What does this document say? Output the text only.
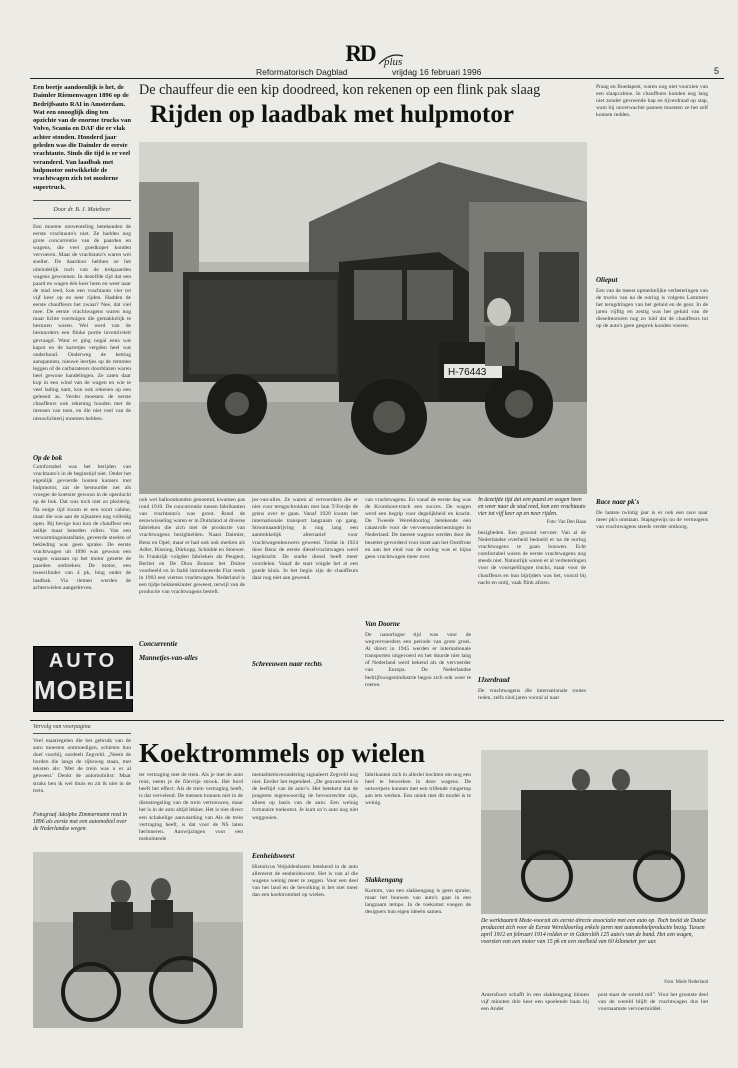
RD plus
Reformatorisch Dagblad	vrijdag 16 februari 1996	5
Een beetje aandoenlijk is het, de Daimler Riemenwagen 1896 op de Bedrijfsauto RAI in Amsterdam. Wat een onooglijk ding ten opzichte van de enorme trucks van Volvo, Scania en DAF die er vlak achter stonden. Honderd jaar geleden was die Daimler de eerste vrachtauto. Sinds die tijd is er veel veranderd. Van laadbak met hulpmotor ontwikkelde de vrachtwagen zich tot moderne supertruck.
Door dr. B. J. Matebeer
Een moeme omwenteling betekenden de eerste vrachtauto's niet. Ze hadden nog grote concurrentie van de paarden en wagens, die veel goedkoper konden vervoeren. Maar de vrachtauto's waren wel sneller. De daardoor hebben ze het uiteindelijk toch van de trekpaarden wagens gewonnen. In dezelfde tijd dat een paard en wagen één keer heen en weer naar de stad reed, kon een vrachtauto vier tot vijf keer op en neer rijden. Hadden de eerste chauffeurs het zwaar? Nee, dat viel mee. De eerste vrachtwagens waren nog maar lichte voertuigen die gemakkelijk te besturen waren. Wel werd van de bestuurders een flinke portie inventiviteit gevraagd. Want er ging nogal eens wat kapot en de karretjes vergden heel wat onderhoud. Onderweg de ketting aanspannen, nieuwe leertjes op de remmen leggen of de carburateurs doorblazen waren heel gewone handelingen. Ze zaten daar kop in een wind van de wagen en wie te veel lading nam, kon ook rekenen op een geleend as. Verder moesten de eerste chauffeurs ook rekening houden met de mensen van toen, en die niet veel van de nieuwlichterij moesten hebben.
Op de bok
Comfortabel was het berijden van vrachtauto's in de beginstijd niet. Onder het eigenlijk gevoerde houten kamers met hulpmotor, zat de bestuurder net als vroeger de koetsier gewoon in de openlucht op de bok. Dat was toch niet zo plezierig. Na enige tijd kwam er een soort cabine, maar die was aan de zijkanten nog volledig open. Bij hevige kou kon de chauffeur een zeiltje maar beneden rollen. Van een verwarmingsinstallatie, geveerde stoelen of bekleding was geen sprake. De eerste vrachtwagen uit 1896 was gewoon een wagen waaraan op het motor gezette de paarden ontbreken. De motor, een tweecilinder van 4 pk, hing onder de laadbak. Via riemen werden de achterwielen aangedreven.
AUTO
MOBIEL
De chauffeur die een kip doodreed, kon rekenen op een flink pak slaag
Rijden op laadbak met hulpmotor
H-76443
ook wel balloonbanden genoemd, kwamen pas rond 1910. De concurrentie tussen fabrikanten van vrachtauto's was groot. Rond de eeuwwisseling waren er in Duitsland al diverse fabrieken die zich met de productie van vrachtwagens bezighielden. Naast Daimler, Benz en Opel, maar er had ook ook merken als Adler, Büssing, Dürkopp, Schödde en Stoewer. In Frankrijk volgden fabrieken als Peugeot, Berliet en De Dion Bouton het Duitse voorbeeld en in Italië introduceerde Fiat reeds in 1903 een vierton vrachtwagen. Nederland is een tijdje bekkenkluiter geweest, terwijl van de productie van vrachtwagens betreft.
Concurrentie
Mannetjes-van-alles
jes-van-alles. Ze waren al vervoerders die er niet voor terugschrokken met hun T-Fordje de grens over te gaan. Vanaf 1920 kwam het internationale transport langzaam op gang. Stroomaandrijving is nog lang een aantrekkelijk alternatief voor vrachtwagenbouwers geweest. Totdat in 1924 door Benz de eerste dieselvrachtwagen werd ingebracht. De snelle diesel heeft meer voordelen. Vanaf de start volgde het al een goede kluis. In het begin zijn de chauffeurs daar nog niet aan gewend.
Schreeuwen naar rechts
van vrachtwagens. En vanaf de eerste dag was de Kromhout-truck een succes. De wagen werd een begrip voor degelijkheid en kracht. De Tweede Wereldoorlog betekende een catastrofe voor de vervoersondernemingen in Nederland. De meeste wagens werden door de bezetter gevorderd voor inzet aan het Oostfront en aan het eind van de oorlog was er bijna geen vrachtwagen meer over.
Van Doorne
De naoorlogse tijd was voor de wegvervoerders een periode van grote groei. Al direct in 1945 werden er internationale transporten uitgevoerd en het duurde niet lang of Nederland werd bekend als de vervoerder van Europa. De Nederlandse bedrijfswagenindustrie begon zich ook weer te roeren.
In dezelfde tijd dat een paard en wagen heen en weer naar de stad reed, kon een vrachtauto vier tot vijf keer op en neer rijden.
Foto: Van Den Haan
bezigheden. Een gezond vervoer. Van al de Nederlandse overheid bedoeld er na de oorlog vrachtwagens te gaan bouwen. Echt comfortabel waren de eerste vrachtwagens nog steeds niet. Natuurlijk waren er al verbeteringen voor de voorspellingste trucks, maar voor de chauffeurs en hun bijrijders was het, vooral bij nacht en ontij, vaak flink afzien.
IJzerdraad
De vrachtwagens die internationale routes reden, zelfs sind jaren vooral al naar
Praag en Boedapest, waren nog niet voorzien van een slaapcabine. In chauffeurs konden nog lang niet zonder gevreende hap en tijverdraad op stap, want bij onverwachte pannen moesten ze het zelf kunnen redden.
Olieput
Een van de meest opmerkelijke verbeteringen van de trucks van na de oorlog is volgens Lammers het terugdringen van het geluid en de geur. In de jaren vijftig en zestig was het geluid van de dieselmotoren nog zo luid dat de chauffeurs tot op de auto's geen gesprek konden voeren.
Race naar pk's
De laatste twintig jaar is er ook een race naar meer pk's ontstaan. Stapsgewijs nu de vermogens van vrachtwagens steeds verder omhoog.
Vervolg van voorpagina
Koektrommels op wielen
Veel maatregelen die het gebruik van de auto moesten ontmoedigen, schieten hun doel voorbij, oordeelt Zegveld. „Neem de borden die langs de rijksweg staan, met teksten als: 'Met de trein was u er al geweest.' Denkt de automobilist: Maar straks ben ik wel thuis en zit ik niet in de trein.
Fotograaf Adolphe Zimmermann reed in 1896 als eerste met een automobiel over de Nederlandse wegen.
ter vertraging met de trein. Als je met de auto reist, neem je de filevrije strook. Het bord heeft het effect: Als de trein vertraging heeft, is dat vervelend. De mensen kunnen niet in de dienstregeling van de trein vertrouwen, maar het is in de auto altijd lekker. Het is niet direct een schakelige aanvaarding van Als de trein vertraging heeft, is dat voor de NS laten herinneren. Aanwijzingen voor een toekomende
mentaliteitsverandering signaleert Zegveld nog niet. Eerder het tegendeel. „De geavanceerd is de leeftijd van de auto’s. Het betekent dat de jongeren tegenwoordig de bevoorrechte zijn, alleen op basis van de auto. Een weinig fortunaire toekomst. Je kunt zo’n auto nog niet weggooien.
Eenheidsworst
Historicus Veijuldenbaren betekend in de auto allereerst de eenheidsworst. Het is van al die wagens weinig meer te zeggen. Voor een deel van het land en de bevolking is het niet meer dan een koektrommel op wielen.
fabrikanten zich in allerlei bochten om nog een heel te bewerken in deze wagens. De ontwerpers kunnen met een trillende vingertop aan iets werken. Een uniek met dit model is te weinig.
Slakkengang
Kortom, van een slakkengang is geen sprake, maar het bouwen van auto's gaat in een langzaam tempo. In de toekomst voegen de designers hun eigen ideeën samen.
De werkbaanrit Mede-vooruit als eerste directe associatie met een auto op. Toch heeld de Duitse producent zich voor de Eerste Wereldoorlog enkele jaren met automobielproductie bezig. Tussen april 1912 en februari 1914 rolden er in Güterslöh 125 auto's van de band. Het een wagen, voorzien van een motor van 15 pk en een snelheid van 60 kilometer per uur.
Foto: Miele Nederland
Amersfoort schafft in een slakkengang binnen vijf minuten drie keer een spoelende baan bij een Ander
post staat de wereld mil". Voor het grootste deel van de wereld blijft de vrachtwagen dus het voornaamste vervoermiddel.
